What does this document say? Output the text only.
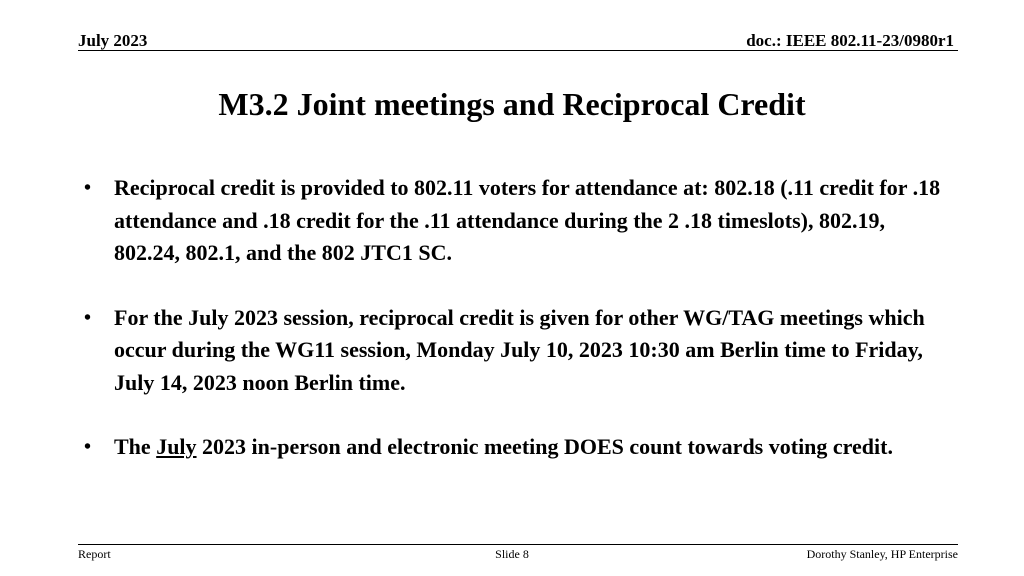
July 2023	doc.: IEEE 802.11-23/0980r1
M3.2 Joint meetings and Reciprocal Credit
• Reciprocal credit is provided to 802.11 voters for attendance at: 802.18 (.11 credit for .18 attendance and .18 credit for the .11 attendance during the 2 .18 timeslots), 802.19, 802.24, 802.1, and the 802 JTC1 SC.
• For the July 2023 session, reciprocal credit is given for other WG/TAG meetings which occur during the WG11 session, Monday July 10, 2023 10:30 am Berlin time to Friday, July 14, 2023 noon Berlin time.
• The July 2023 in-person and electronic meeting DOES count towards voting credit.
Report	Slide 8	Dorothy Stanley, HP Enterprise
